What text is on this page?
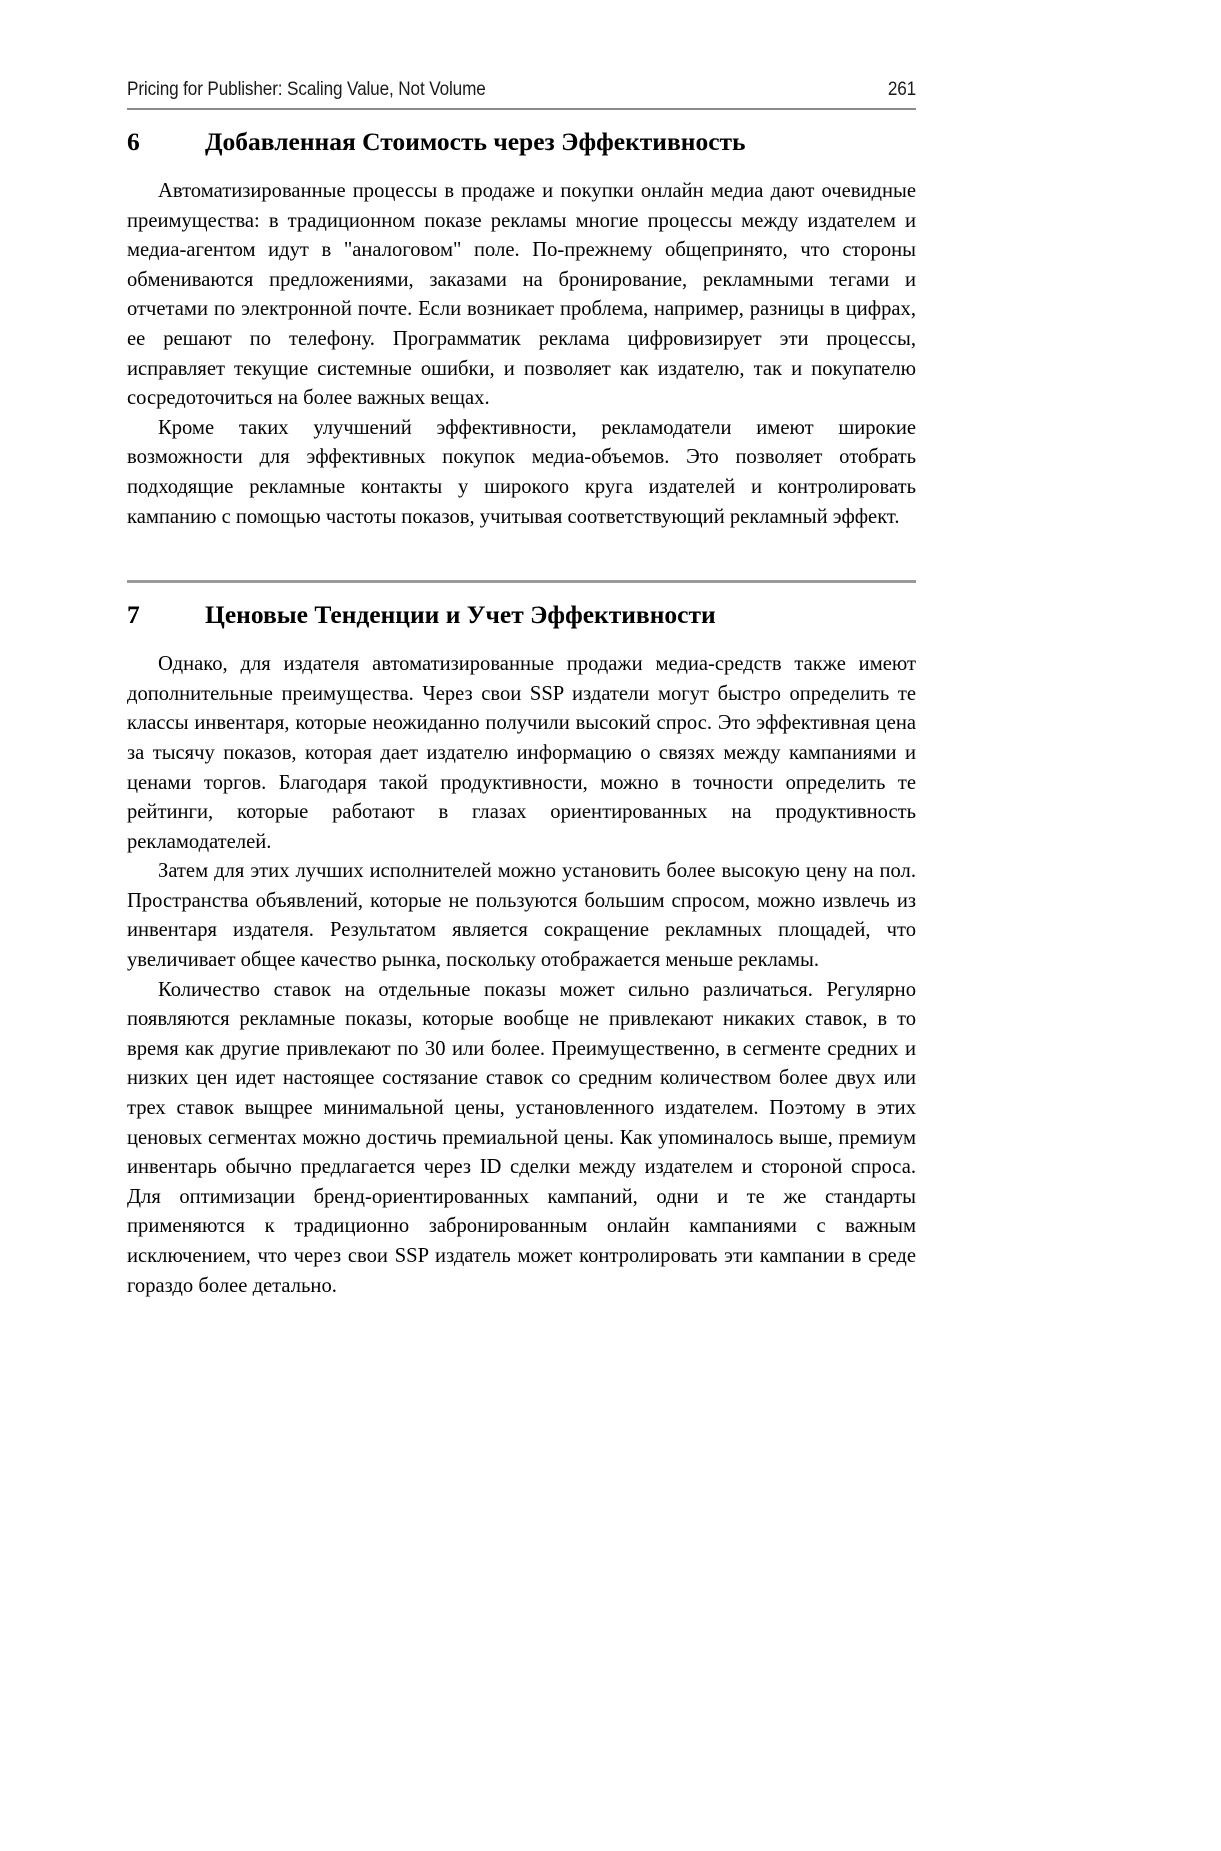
Pricing for Publisher: Scaling Value, Not Volume	261
6	Добавленная Стоимость через Эффективность

Автоматизированные процессы в продаже и покупки онлайн медиа дают очевидные преимущества: в традиционном показе рекламы многие процессы между издателем и медиа-агентом идут в "аналоговом" поле. По-прежнему общепринято, что стороны обмениваются предложениями, заказами на бронирование, рекламными тегами и отчетами по электронной почте. Если возникает проблема, например, разницы в цифрах, ее решают по телефону. Программатик реклама цифровизирует эти процессы, исправляет текущие системные ошибки, и позволяет как издателю, так и покупателю сосредоточиться на более важных вещах.

Кроме таких улучшений эффективности, рекламодатели имеют широкие возможности для эффективных покупок медиа-объемов. Это позволяет отобрать подходящие рекламные контакты у широкого круга издателей и контролировать кампанию с помощью частоты показов, учитывая соответствующий рекламный эффект.

7	Ценовые Тенденции и Учет Эффективности

Однако, для издателя автоматизированные продажи медиа-средств также имеют дополнительные преимущества. Через свои SSP издатели могут быстро определить те классы инвентаря, которые неожиданно получили высокий спрос. Это эффективная цена за тысячу показов, которая дает издателю информацию о связях между кампаниями и ценами торгов. Благодаря такой продуктивности, можно в точности определить те рейтинги, которые работают в глазах ориентированных на продуктивность рекламодателей.

Затем для этих лучших исполнителей можно установить более высокую цену на пол. Пространства объявлений, которые не пользуются большим спросом, можно извлечь из инвентаря издателя. Результатом является сокращение рекламных площадей, что увеличивает общее качество рынка, поскольку отображается меньше рекламы.

Количество ставок на отдельные показы может сильно различаться. Регулярно появляются рекламные показы, которые вообще не привлекают никаких ставок, в то время как другие привлекают по 30 или более. Преимущественно, в сегменте средних и низких цен идет настоящее состязание ставок со средним количеством более двух или трех ставок выщрее минимальной цены, установленного издателем. Поэтому в этих ценовых сегментах можно достичь премиальной цены. Как упоминалось выше, премиум инвентарь обычно предлагается через ID сделки между издателем и стороной спроса. Для оптимизации бренд-ориентированных кампаний, одни и те же стандарты применяются к традиционно забронированным онлайн кампаниями с важным исключением, что через свои SSP издатель может контролировать эти кампании в среде гораздо более детально.
